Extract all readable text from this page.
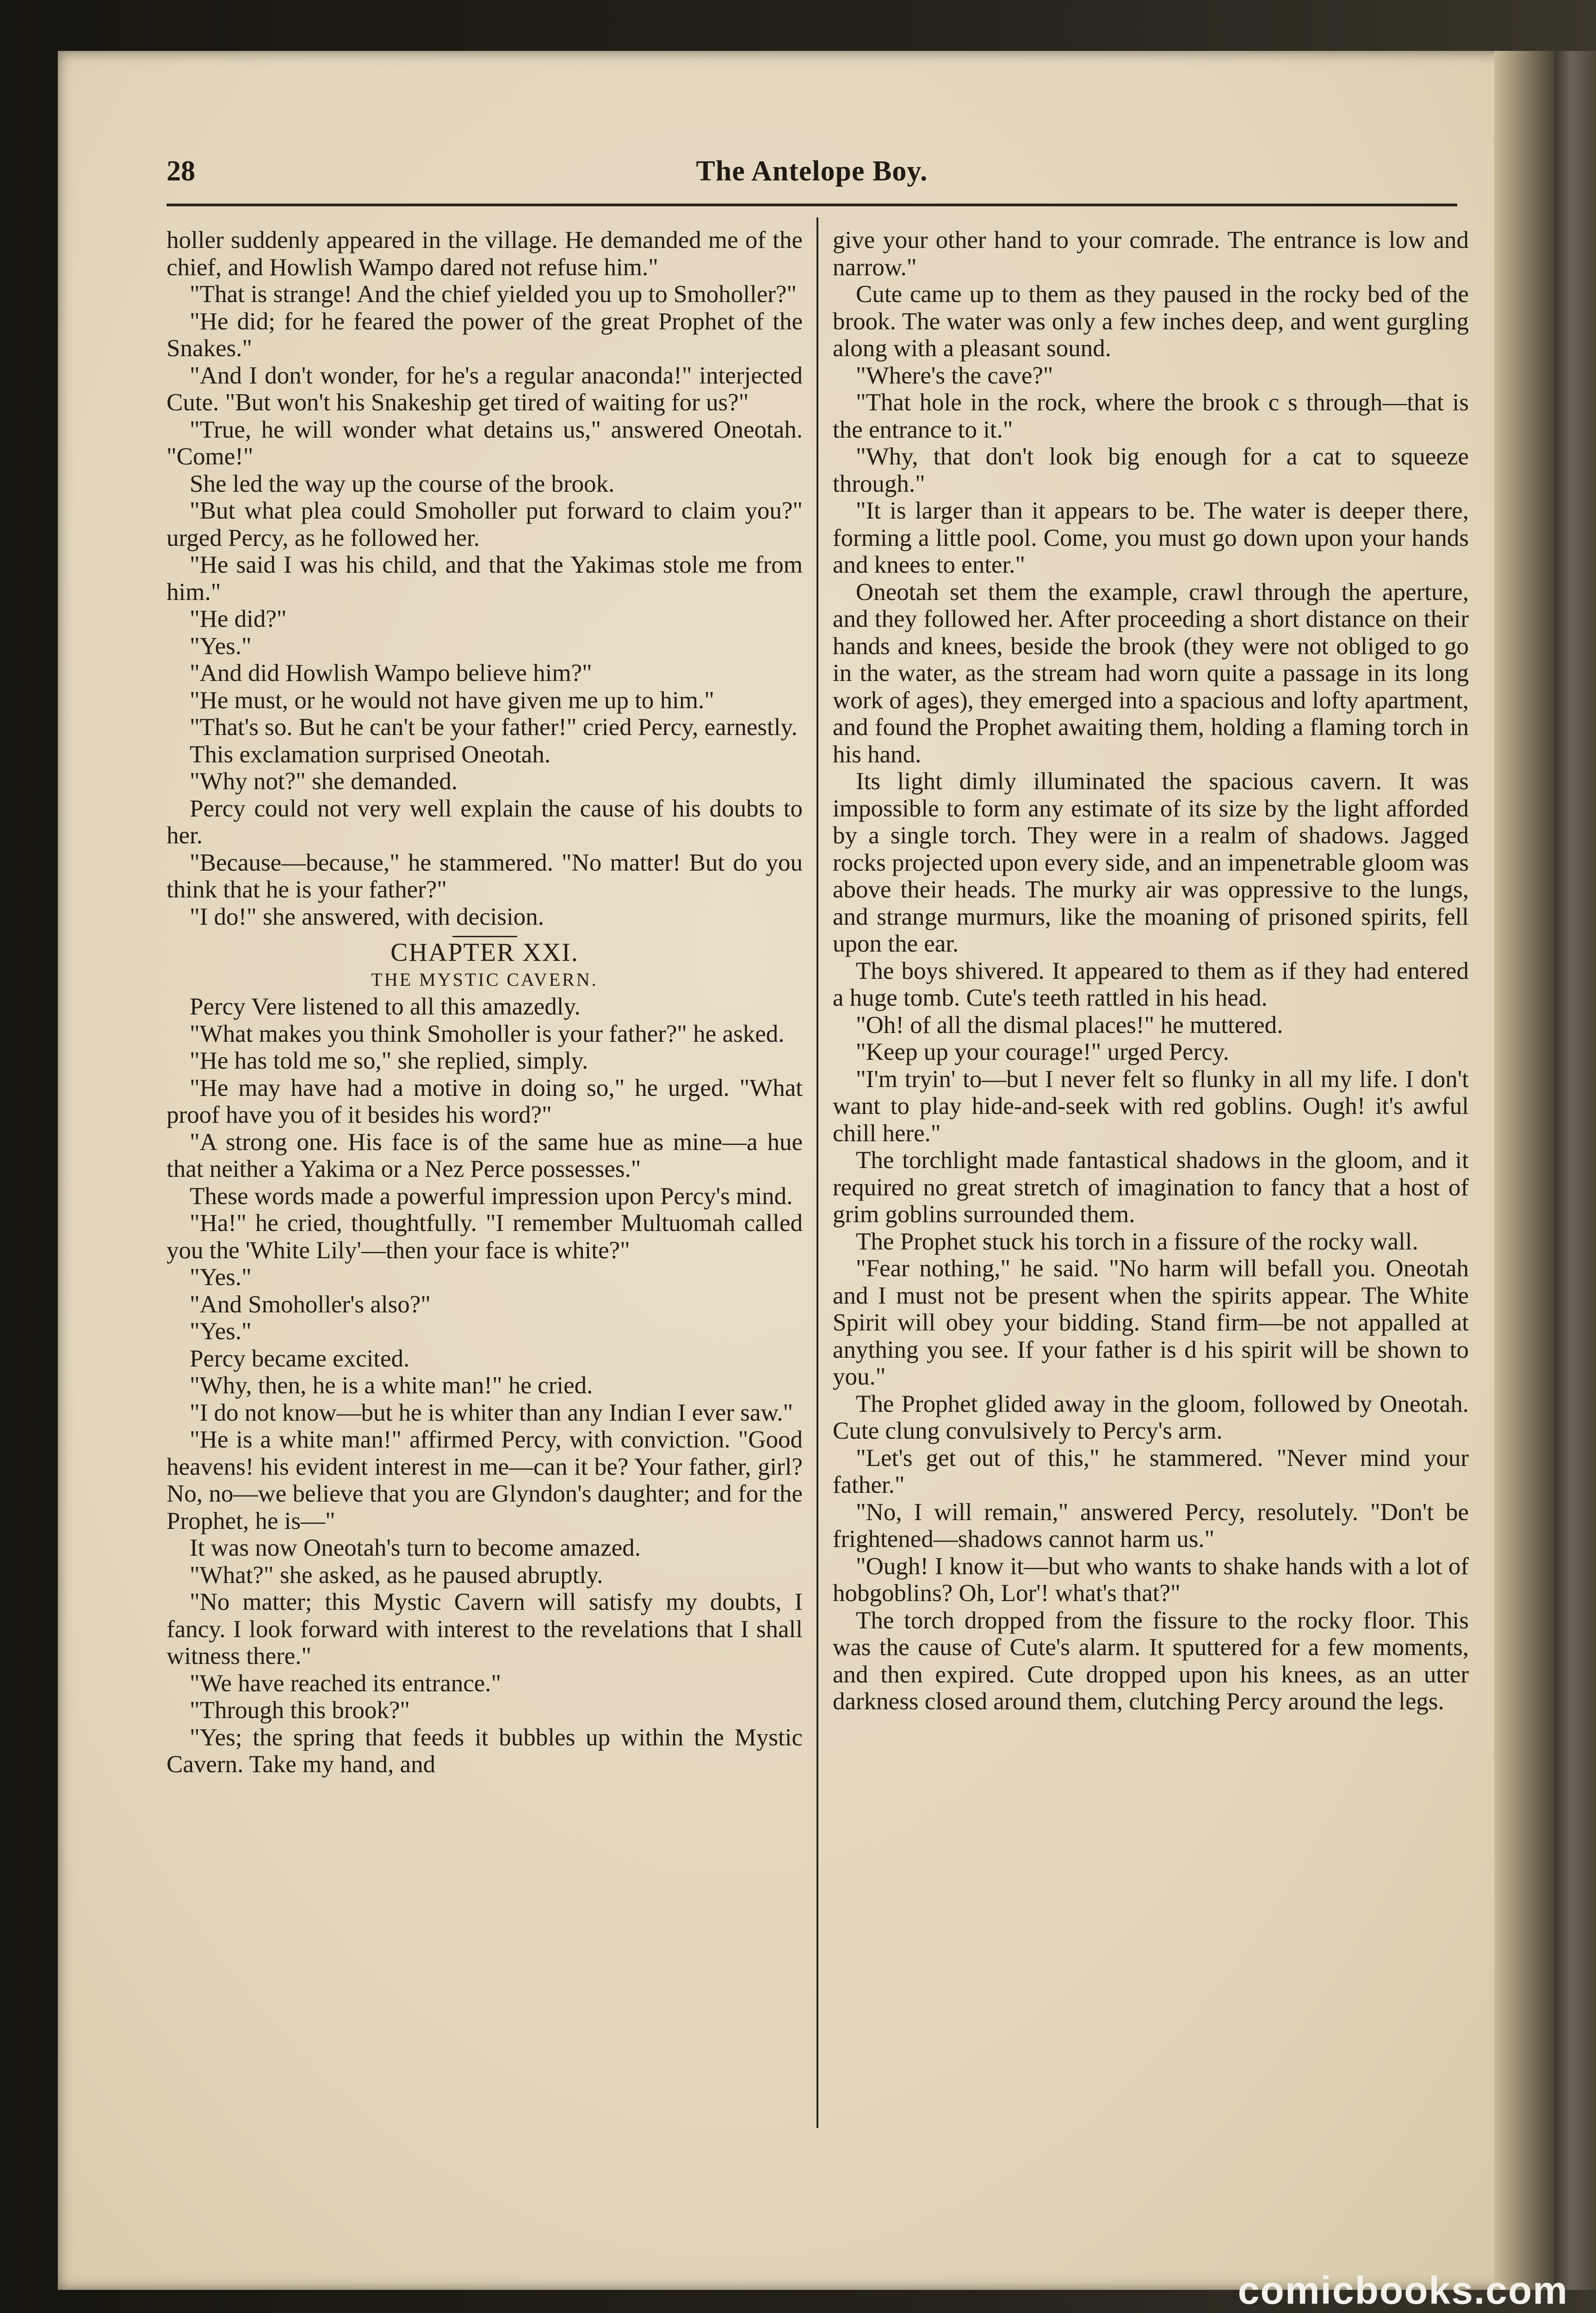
28	The Antelope Boy.

holler suddenly appeared in the village. He demanded me of the chief, and Howlish Wampo dared not refuse him."

"That is strange! And the chief yielded you up to Smoholler?"

"He did; for he feared the power of the great Prophet of the Snakes."

"And I don't wonder, for he's a regular anaconda!" interjected Cute. "But won't his Snakeship get tired of waiting for us?"

"True, he will wonder what detains us," answered Oneotah. "Come!"

She led the way up the course of the brook.

"But what plea could Smoholler put forward to claim you?" urged Percy, as he followed her.

"He said I was his child, and that the Yakimas stole me from him."

"He did?"

"Yes."

"And did Howlish Wampo believe him?"

"He must, or he would not have given me up to him."

"That's so. But he can't be your father!" cried Percy, earnestly.

This exclamation surprised Oneotah.

"Why not?" she demanded.

Percy could not very well explain the cause of his doubts to her.

"Because—because," he stammered. "No matter! But do you think that he is your father?"

"I do!" she answered, with decision.

CHAPTER XXI.

THE MYSTIC CAVERN.

Percy Vere listened to all this amazedly.

"What makes you think Smoholler is your father?" he asked.

"He has told me so," she replied, simply.

"He may have had a motive in doing so," he urged. "What proof have you of it besides his word?"

"A strong one. His face is of the same hue as mine—a hue that neither a Yakima or a Nez Perce possesses."

These words made a powerful impression upon Percy's mind.

"Ha!" he cried, thoughtfully. "I remember Multuomah called you the 'White Lily'—then your face is white?"

"Yes."

"And Smoholler's also?"

"Yes."

Percy became excited.

"Why, then, he is a white man!" he cried.

"I do not know—but he is whiter than any Indian I ever saw."

"He is a white man!" affirmed Percy, with conviction. "Good heavens! his evident interest in me—can it be? Your father, girl? No, no—we believe that you are Glyndon's daughter; and for the Prophet, he is—"

It was now Oneotah's turn to become amazed.

"What?" she asked, as he paused abruptly.

"No matter; this Mystic Cavern will satisfy my doubts, I fancy. I look forward with interest to the revelations that I shall witness there."

"We have reached its entrance."

"Through this brook?"

"Yes; the spring that feeds it bubbles up within the Mystic Cavern. Take my hand, and

give your other hand to your comrade. The entrance is low and narrow."

Cute came up to them as they paused in the rocky bed of the brook. The water was only a few inches deep, and went gurgling along with a pleasant sound.

"Where's the cave?"

"That hole in the rock, where the brook c s through—that is the entrance to it."

"Why, that don't look big enough for a cat to squeeze through."

"It is larger than it appears to be. The water is deeper there, forming a little pool. Come, you must go down upon your hands and knees to enter."

Oneotah set them the example, crawl through the aperture, and they followed her. After proceeding a short distance on their hands and knees, beside the brook (they were not obliged to go in the water, as the stream had worn quite a passage in its long work of ages), they emerged into a spacious and lofty apartment, and found the Prophet awaiting them, holding a flaming torch in his hand.

Its light dimly illuminated the spacious cavern. It was impossible to form any estimate of its size by the light afforded by a single torch. They were in a realm of shadows. Jagged rocks projected upon every side, and an impenetrable gloom was above their heads. The murky air was oppressive to the lungs, and strange murmurs, like the moaning of prisoned spirits, fell upon the ear.

The boys shivered. It appeared to them as if they had entered a huge tomb. Cute's teeth rattled in his head.

"Oh! of all the dismal places!" he muttered.

"Keep up your courage!" urged Percy.

"I'm tryin' to—but I never felt so flunky in all my life. I don't want to play hide-and-seek with red goblins. Ough! it's awful chill here."

The torchlight made fantastical shadows in the gloom, and it required no great stretch of imagination to fancy that a host of grim goblins surrounded them.

The Prophet stuck his torch in a fissure of the rocky wall.

"Fear nothing," he said. "No harm will befall you. Oneotah and I must not be present when the spirits appear. The White Spirit will obey your bidding. Stand firm—be not appalled at anything you see. If your father is d his spirit will be shown to you."

The Prophet glided away in the gloom, followed by Oneotah. Cute clung convulsively to Percy's arm.

"Let's get out of this," he stammered. "Never mind your father."

"No, I will remain," answered Percy, resolutely. "Don't be frightened—shadows cannot harm us."

"Ough! I know it—but who wants to shake hands with a lot of hobgoblins? Oh, Lor'! what's that?"

The torch dropped from the fissure to the rocky floor. This was the cause of Cute's alarm. It sputtered for a few moments, and then expired. Cute dropped upon his knees, as an utter darkness closed around them, clutching Percy around the legs.

comicbooks.com
